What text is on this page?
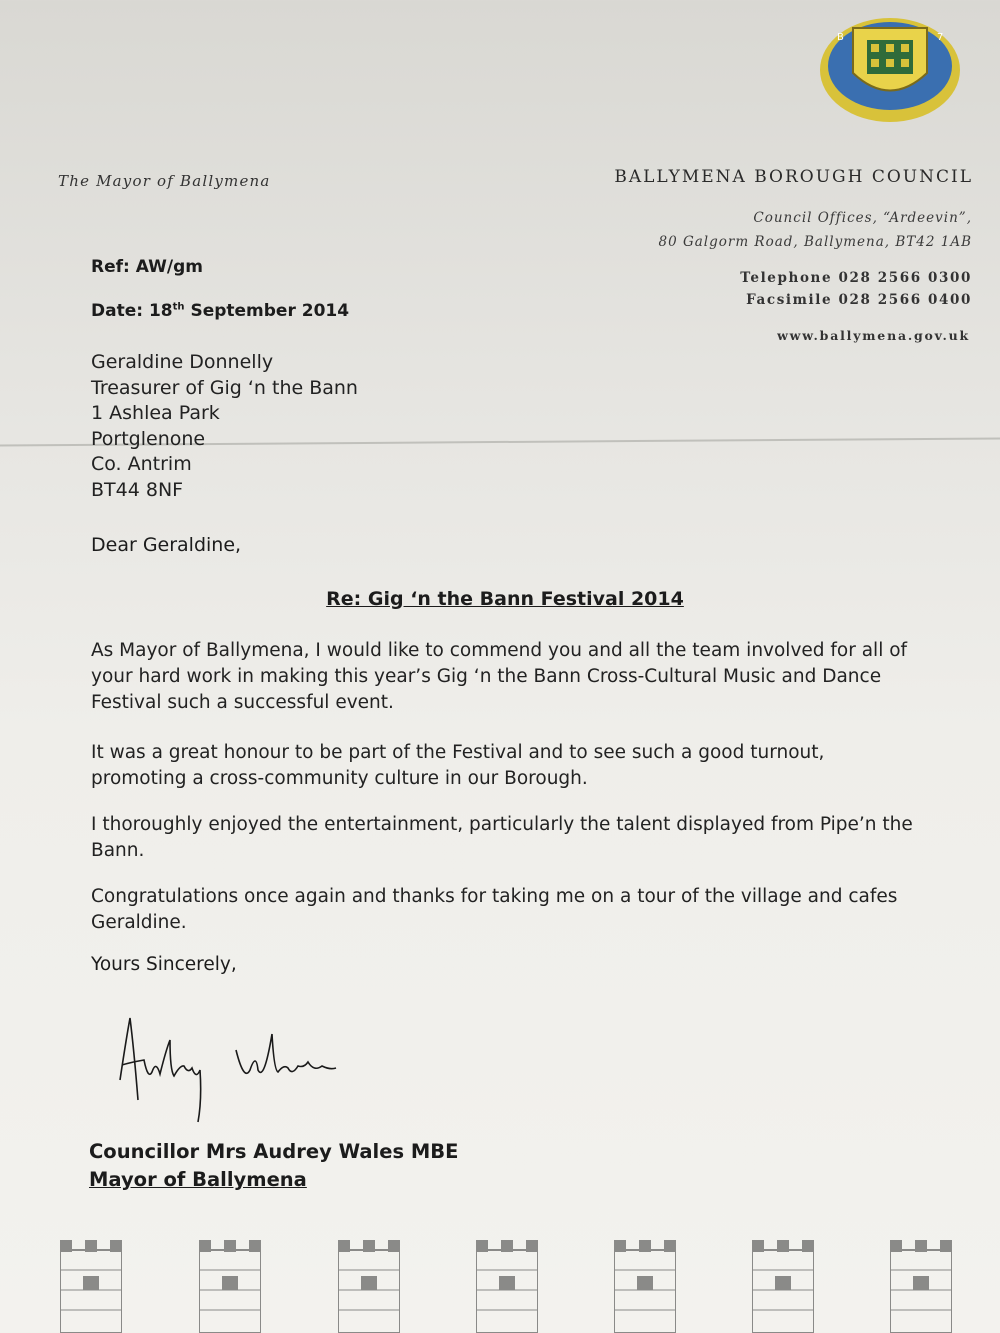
B	7
The Mayor of Ballymena	BALLYMENA BOROUGH COUNCIL
Council Offices, “Ardeevin”,
80 Galgorm Road, Ballymena, BT42 1AB
Telephone 028 2566 0300
Facsimile 028 2566 0400
www.ballymena.gov.uk
Ref: AW/gm
Date: 18th September 2014
Geraldine Donnelly
Treasurer of Gig ‘n the Bann
1 Ashlea Park
Portglenone
Co. Antrim
BT44 8NF
Dear Geraldine,
Re: Gig ‘n the Bann Festival 2014
As Mayor of Ballymena, I would like to commend you and all the team involved for all of your hard work in making this year’s Gig ‘n the Bann Cross-Cultural Music and Dance Festival such a successful event.
It was a great honour to be part of the Festival and to see such a good turnout, promoting a cross-community culture in our Borough.
I thoroughly enjoyed the entertainment, particularly the talent displayed from Pipe’n the Bann.
Congratulations once again and thanks for taking me on a tour of the village and cafes Geraldine.
Yours Sincerely,
Councillor Mrs Audrey Wales MBE
Mayor of Ballymena
